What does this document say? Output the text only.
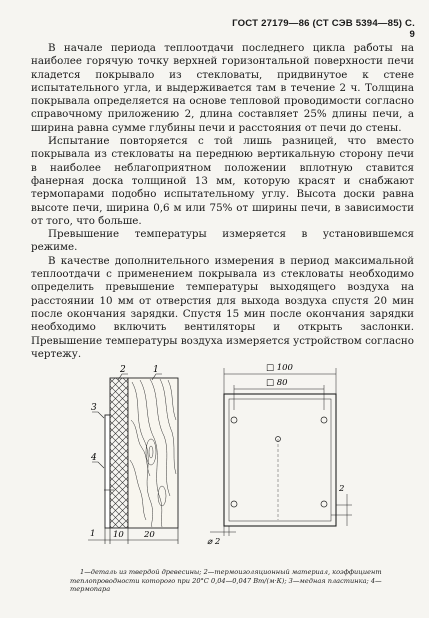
ГОСТ 27179—86 (СТ СЭВ 5394—85) С. 9

В начале периода теплоотдачи последнего цикла работы на наиболее горячую точку верхней горизонтальной поверхности печи кладется покрывало из стекловаты, придвинутое к стене испытательного угла, и выдерживается там в течение 2 ч. Толщина покрывала определяется на основе тепловой проводимости согласно справочному приложению 2, длина составляет 25% длины печи, а ширина равна сумме глубины печи и расстояния от печи до стены.

Испытание повторяется с той лишь разницей, что вместо покрывала из стекловаты на переднюю вертикальную сторону печи в наиболее неблагоприятном положении вплотную ставится фанерная доска толщиной 13 мм, которую красят и снабжают термопарами подобно испытательному углу. Высота доски равна высоте печи, ширина 0,6 м или 75% от ширины печи, в зависимости от того, что больше.

Превышение температуры измеряется в установившемся режиме.

В качестве дополнительного измерения в период максимальной теплоотдачи с применением покрывала из стекловаты необходимо определить превышение температуры выходящего воздуха на расстоянии 10 мм от отверстия для выхода воздуха спустя 20 мин после окончания зарядки. Спустя 15 мин после окончания зарядки необходимо включить вентиляторы и открыть заслонки. Превышение температуры воздуха измеряется устройством согласно чертежу.

2	1
3
4
1 10 20
□ 100
□ 80
2
⌀ 2

1—деталь из твердой древесины; 2—термоизоляционный материал, коэффициент теплопроводности которого при 20°С 0,04—0,047 Вт/(м·К); 3—медная пластинка; 4—термопара
